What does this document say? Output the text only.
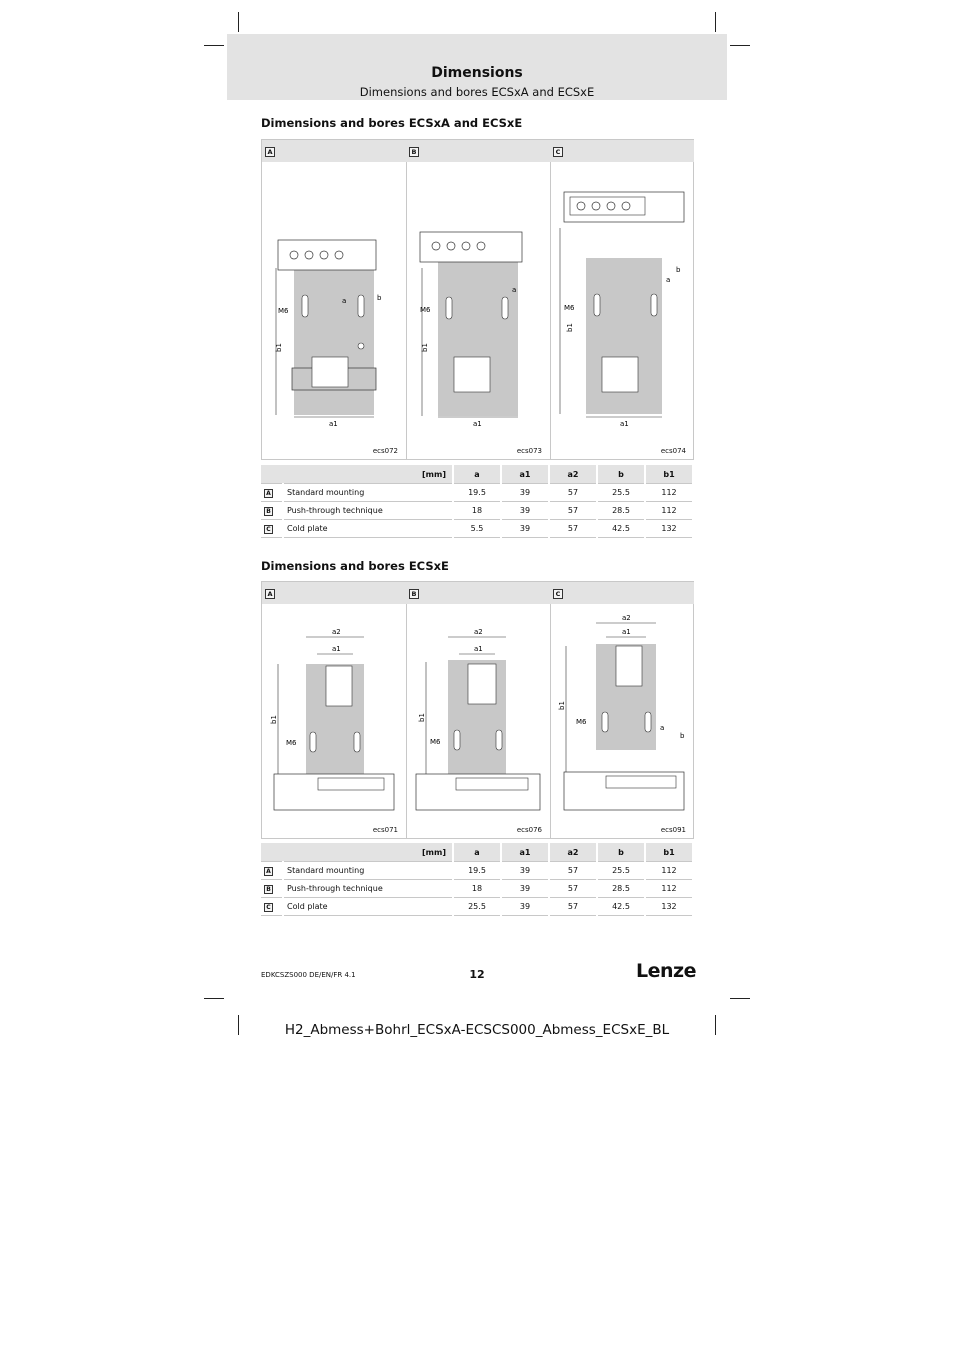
Dimensions
Dimensions and bores ECSxA and ECSxE
Dimensions and bores ECSxA and ECSxE
A
b1
M6
a	b
a1
ecs072
B
b1
M6
a
a1
ecs073
C
b1
M6
a
b
a1
ecs074
[mm]		a	a1	a2	b	b1
A	Standard mounting	19.5	39	57	25.5	112
B	Push-through technique	18	39	57	28.5	112
C	Cold plate	5.5	39	57	42.5	132
Dimensions and bores ECSxE
A
a2
a1
b1
M6
ecs071
B
a2
a1
b1
M6
ecs076
C
a2
a1
b1
M6
a
b
ecs091
[mm]		a	a1	a2	b	b1
A	Standard mounting	19.5	39	57	25.5	112
B	Push-through technique	18	39	57	28.5	112
C	Cold plate	25.5	39	57	42.5	132
EDKCSZS000 DE/EN/FR 4.1	12	Lenze
H2_Abmess+Bohrl_ECSxA-ECSCS000_Abmess_ECSxE_BL
